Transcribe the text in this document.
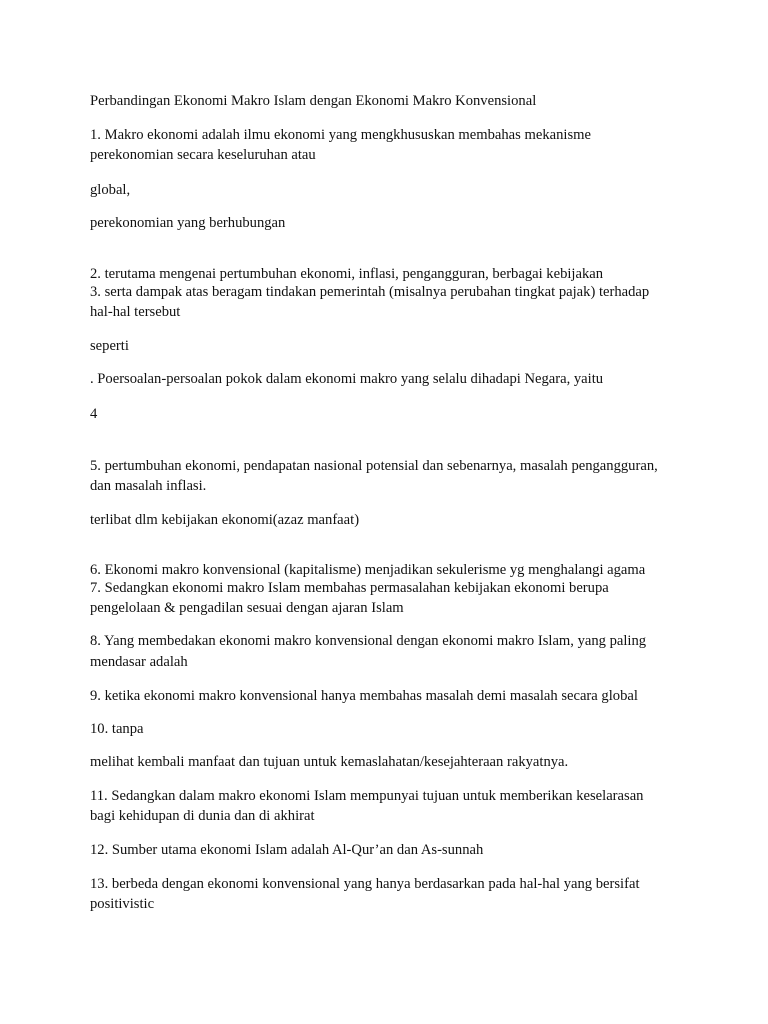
Perbandingan Ekonomi Makro Islam dengan Ekonomi Makro Konvensional
1. Makro ekonomi adalah ilmu ekonomi yang mengkhususkan membahas mekanisme
perekonomian secara keseluruhan atau
global,
perekonomian yang berhubungan
2. terutama mengenai pertumbuhan ekonomi, inflasi, pengangguran, berbagai kebijakan
3. serta dampak atas beragam tindakan pemerintah (misalnya perubahan tingkat pajak) terhadap
hal-hal tersebut
seperti
. Poersoalan-persoalan pokok dalam ekonomi makro yang selalu dihadapi Negara, yaitu
4
5. pertumbuhan ekonomi, pendapatan nasional potensial dan sebenarnya, masalah pengangguran,
dan masalah inflasi.
terlibat dlm kebijakan ekonomi(azaz manfaat)
6. Ekonomi makro konvensional (kapitalisme) menjadikan sekulerisme yg menghalangi agama
7. Sedangkan ekonomi makro Islam membahas permasalahan kebijakan ekonomi berupa
pengelolaan & pengadilan sesuai dengan ajaran Islam
8. Yang membedakan ekonomi makro konvensional dengan ekonomi makro Islam, yang paling
mendasar adalah
9. ketika ekonomi makro konvensional hanya membahas masalah demi masalah secara global
10. tanpa
melihat kembali manfaat dan tujuan untuk kemaslahatan/kesejahteraan rakyatnya.
11. Sedangkan dalam makro ekonomi Islam mempunyai tujuan untuk memberikan keselarasan
bagi kehidupan di dunia dan di akhirat
12. Sumber utama ekonomi Islam adalah Al-Qur’an dan As-sunnah
13. berbeda dengan ekonomi konvensional yang hanya berdasarkan pada hal-hal yang bersifat
positivistic
